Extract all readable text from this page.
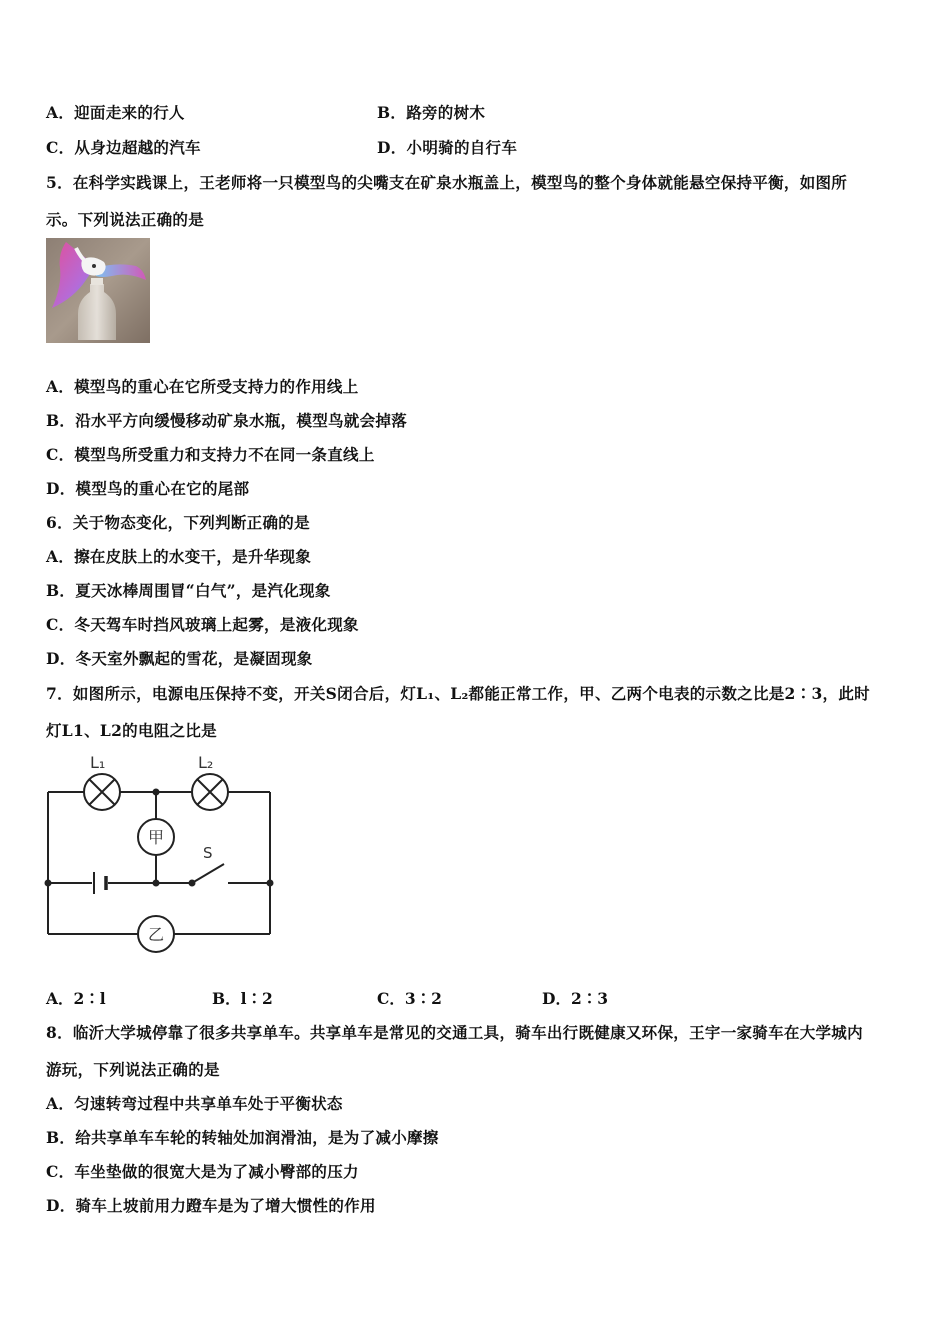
A．迎面走来的行人	B．路旁的树木
C．从身边超越的汽车	D．小明骑的自行车
5．在科学实践课上，王老师将一只模型鸟的尖嘴支在矿泉水瓶盖上，模型鸟的整个身体就能悬空保持平衡，如图所
示。下列说法正确的是
A．模型鸟的重心在它所受支持力的作用线上
B．沿水平方向缓慢移动矿泉水瓶，模型鸟就会掉落
C．模型鸟所受重力和支持力不在同一条直线上
D．模型鸟的重心在它的尾部
6．关于物态变化，下列判断正确的是
A．擦在皮肤上的水变干，是升华现象
B．夏天冰棒周围冒“白气”，是汽化现象
C．冬天驾车时挡风玻璃上起雾，是液化现象
D．冬天室外飘起的雪花，是凝固现象
7．如图所示，电源电压保持不变，开关S闭合后，灯L₁、L₂都能正常工作，甲、乙两个电表的示数之比是2∶3，此时
灯L1、L2的电阻之比是
L₁	L₂
甲
乙
S
A．2∶l	B．l∶2	C．3∶2	D．2∶3
8．临沂大学城停靠了很多共享单车。共享单车是常见的交通工具，骑车出行既健康又环保，王宇一家骑车在大学城内
游玩，下列说法正确的是
A．匀速转弯过程中共享单车处于平衡状态
B．给共享单车车轮的转轴处加润滑油，是为了减小摩擦
C．车坐垫做的很宽大是为了减小臀部的压力
D．骑车上坡前用力蹬车是为了增大惯性的作用
